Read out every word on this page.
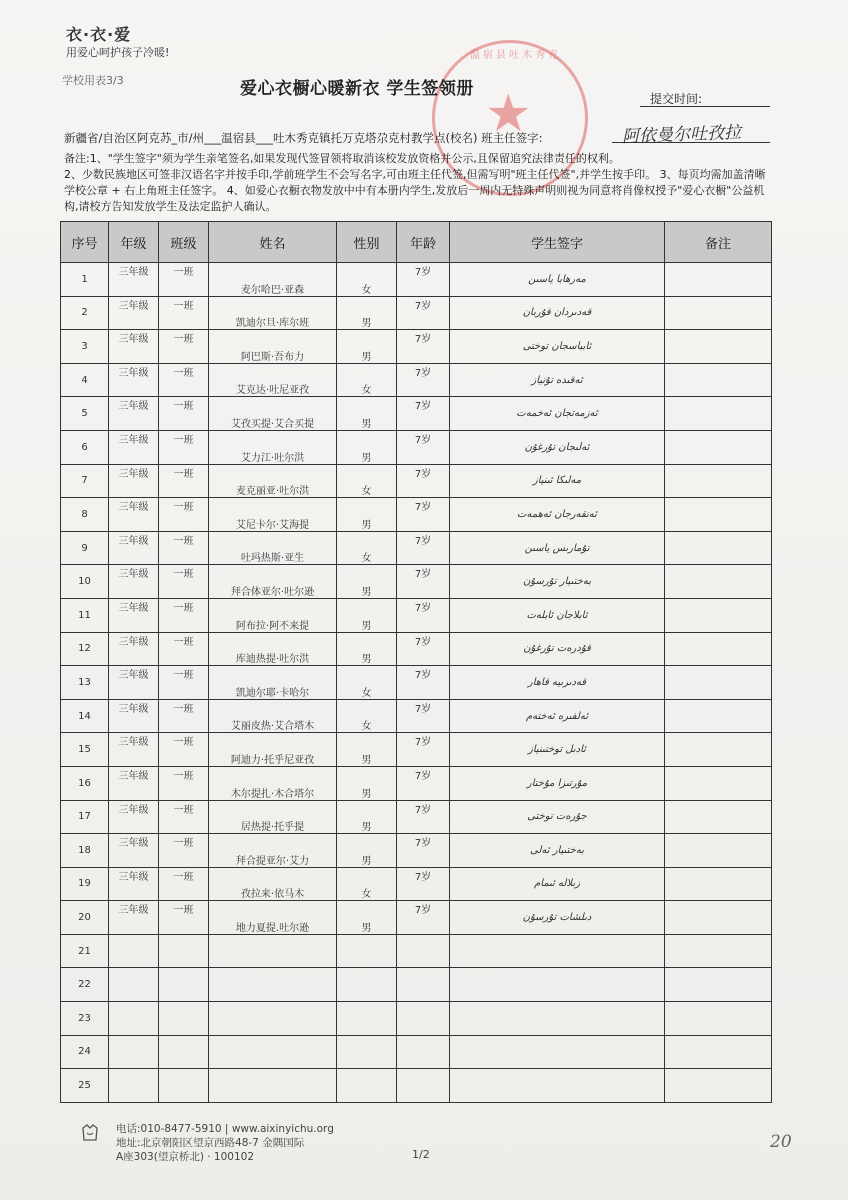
★
温宿县吐木秀克
衣·衣·爱
用爱心呵护孩子冷暖!
学校用表3/3	爱心衣橱心暖新衣 学生签领册	提交时间:
新疆省/自治区阿克苏_市/州___温宿县___吐木秀克镇托万克塔尕克村教学点(校名) 班主任签字:	阿依曼尔吐孜拉

备注:1、"学生签字"须为学生亲笔签名,如果发现代签冒领将取消该校发放资格并公示,且保留追究法律责任的权利。

2、少数民族地区可签非汉语名字并按手印,学前班学生不会写名字,可由班主任代签,但需写明"班主任代签",并学生按手印。 3、每页均需加盖清晰学校公章 + 右上角班主任签字。 4、如爱心衣橱衣物发放中中有本册内学生,发放后一周内无特殊声明则视为同意将肖像权授予"爱心衣橱"公益机构,请校方告知发放学生及法定监护人确认。

序号	年级	班级	姓名	性别	年龄	学生签字	备注
1	三年级	一班	麦尔哈巴·亚森	女	7岁	مەرھابا ياسىن	
2	三年级	一班	凯迪尔旦·库尔班	男	7岁	قەدىردان قۇربان	
3	三年级	一班	阿巴斯·吾布力	男	7岁	ئابباسجان توختى	
4	三年级	一班	艾克达·吐尼亚孜	女	7岁	ئەقىدە تۇنياز	
5	三年级	一班	艾孜买提·艾合买提	男	7岁	ئەزمەتجان ئەخمەت	
6	三年级	一班	艾力江·吐尔洪	男	7岁	ئەلىجان تۇرغۇن	
7	三年级	一班	麦克丽亚·吐尔洪	女	7岁	مەلىكا ئىنياز	
8	三年级	一班	艾尼卡尔·艾海提	男	7岁	ئەنقەرجان ئەھمەت	
9	三年级	一班	吐玛热斯·亚生	女	7岁	تۇمارىس ياسىن	
10	三年级	一班	拜合体亚尔·吐尔逊	男	7岁	بەختىيار تۇرسۇن	
11	三年级	一班	阿布拉·阿不来提	男	7岁	ئابلاجان ئابلەت	
12	三年级	一班	库迪热提·吐尔洪	男	7岁	قۇدرەت تۇرغۇن	
13	三年级	一班	凯迪尔耶·卡哈尔	女	7岁	قەدىرىيە قاھار	
14	三年级	一班	艾丽皮热·艾合塔木	女	7岁	ئەلفىرە ئەختەم	
15	三年级	一班	阿迪力·托乎尼亚孜	男	7岁	ئادىل توختىنياز	
16	三年级	一班	木尔提扎·木合塔尔	男	7岁	مۇرتىزا مۇختار	
17	三年级	一班	居热提·托乎提	男	7岁	جۇرەت توختى	
18	三年级	一班	拜合提亚尔·艾力	男	7岁	بەختىيار ئەلى	
19	三年级	一班	孜拉来·依马木	女	7岁	زىلالە ئىمام	
20	三年级	一班	地力夏提.吐尔逊	男	7岁	دىلشات تۇرسۇن	
21							
22							
23							
24							
25							
电话:010-8477-5910 | www.aixinyichu.org
地址:北京朝阳区望京西路48-7 金隅国际
A座303(望京桥北) · 100102	1/2
20
